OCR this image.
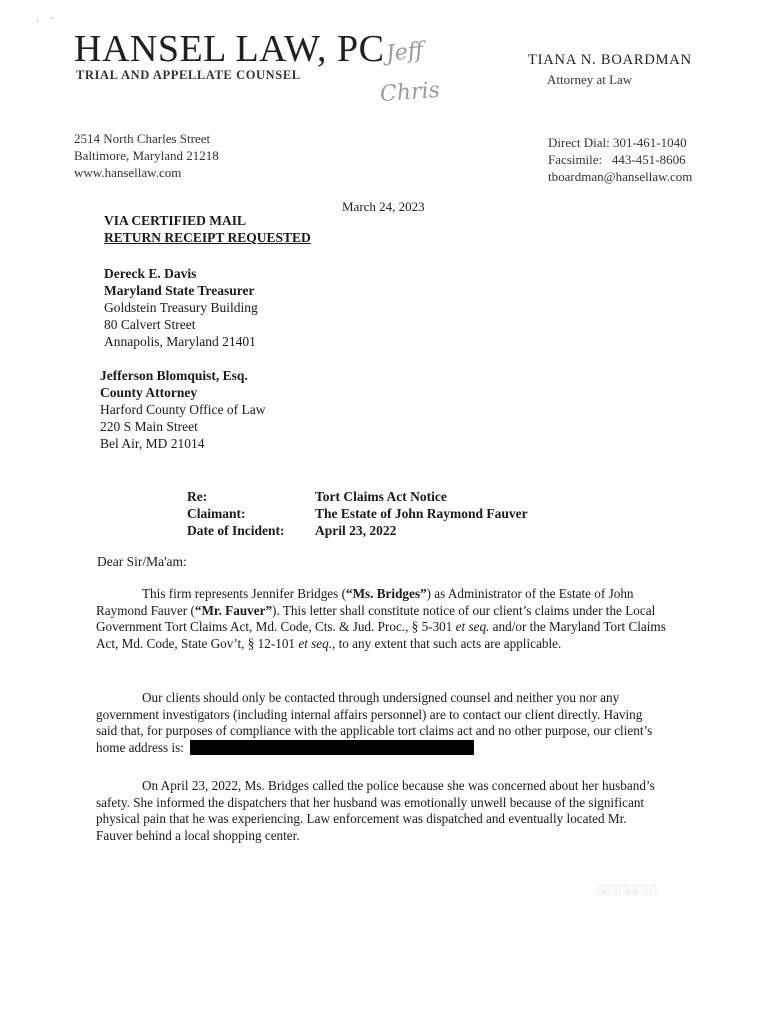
·     ´
HANSEL LAW, PC
TRIAL AND APPELLATE COUNSEL
Jeff
Chris
TIANA N. BOARDMAN
Attorney at Law
2514 North Charles Street
Baltimore, Maryland 21218
www.hansellaw.com
Direct Dial: 301-461-1040
Facsimile:   443-451-8606
tboardman@hansellaw.com
March 24, 2023
VIA CERTIFIED MAIL
RETURN RECEIPT REQUESTED
Dereck E. Davis
Maryland State Treasurer
Goldstein Treasury Building
80 Calvert Street
Annapolis, Maryland 21401
Jefferson Blomquist, Esq.
County Attorney
Harford County Office of Law
220 S Main Street
Bel Air, MD 21014
Re:
Claimant:
Date of Incident:
Tort Claims Act Notice
The Estate of John Raymond Fauver
April 23, 2022
Dear Sir/Ma'am:
This firm represents Jennifer Bridges (“Ms. Bridges”) as Administrator of the Estate of John Raymond Fauver (“Mr. Fauver”). This letter shall constitute notice of our client’s claims under the Local Government Tort Claims Act, Md. Code, Cts. & Jud. Proc., § 5-301 et seq. and/or the Maryland Tort Claims Act, Md. Code, State Gov’t, § 12-101 et seq., to any extent that such acts are applicable.
Our clients should only be contacted through undersigned counsel and neither you nor any government investigators (including internal affairs personnel) are to contact our client directly. Having said that, for purposes of compliance with the applicable tort claims act and no other purpose, our client’s home address is:
On April 23, 2022, Ms. Bridges called the police because she was concerned about her husband’s safety. She informed the dispatchers that her husband was emotionally unwell because of the significant physical pain that he was experiencing. Law enforcement was dispatched and eventually located Mr. Fauver behind a local shopping center.
░░░░░░░
